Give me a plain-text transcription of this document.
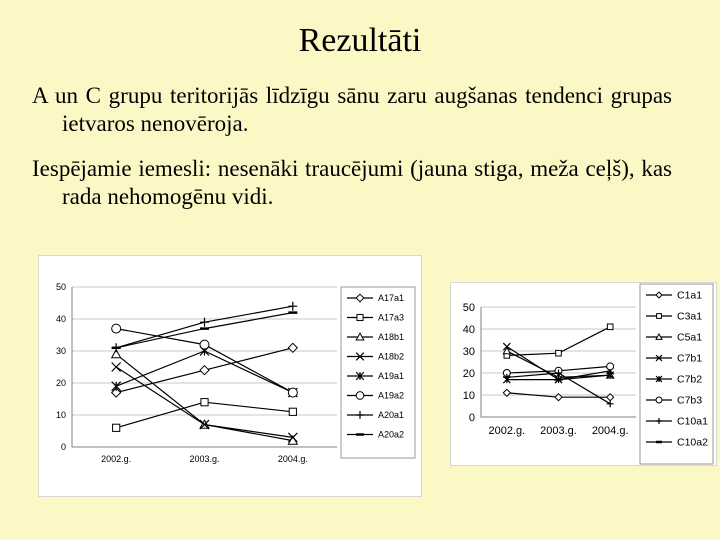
Rezultāti
A un C grupu teritorijās līdzīgu sānu zaru augšanas tendenci grupas ietvaros nenovēroja.
Iespējamie iemesli: nesenāki traucējumi (jauna stiga, meža ceļš), kas rada nehomogēnu vidi.
0
10
20
30
40
50
2002.g.	2003.g.	2004.g.
A17a1
A17a3
A18b1
A18b2
A19a1
A19a2
A20a1
A20a2
0
10
20
30
40
50
2002.g. 2003.g. 2004.g.
C1a1
C3a1
C5a1
C7b1
C7b2
C7b3
C10a1
C10a2
